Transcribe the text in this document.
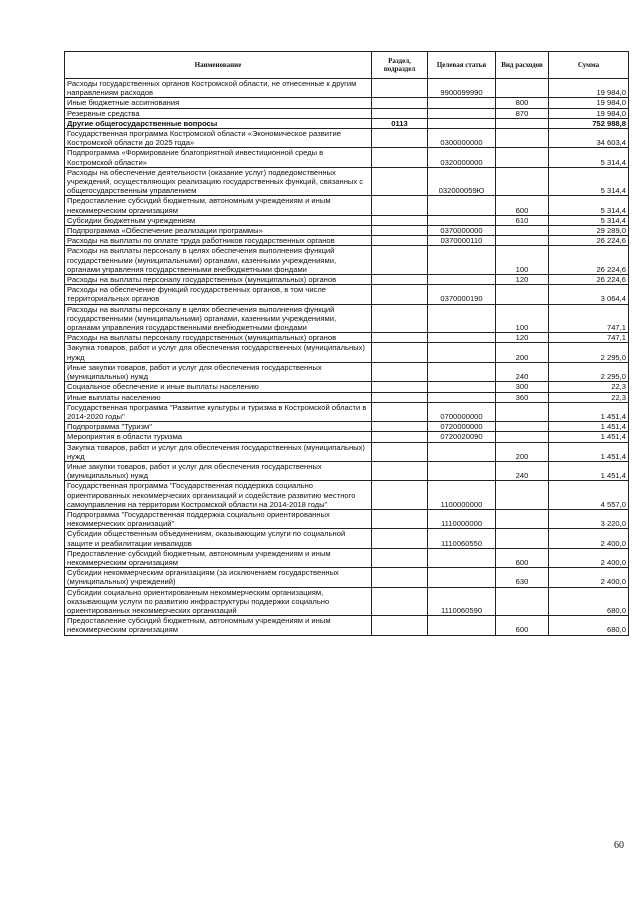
Наименование	Раздел, подраздел	Целевая статья	Вид расходов	Сумма
Расходы государственных органов Костромской области, не отнесенные к другим направлениям расходов		9900099990		19 984,0
Иные бюджетные ассигнования			800	19 984,0
Резервные средства			870	19 984,0
Другие общегосударственные вопросы	0113			752 988,8
Государственная программа Костромской области «Экономическое развитие Костромской области до 2025 года»		0300000000		34 603,4
Подпрограмма «Формирование благоприятной инвестиционной среды в Костромской области»		0320000000		5 314,4
Расходы на обеспечение деятельности (оказание услуг) подведомственных учреждений, осуществляющих реализацию государственных функций, связанных с общегосударственным управлением		032000059Ю		5 314,4
Предоставление субсидий бюджетным, автономным учреждениям и иным некоммерческим организациям			600	5 314,4
Субсидии бюджетным учреждениям			610	5 314,4
Подпрограмма «Обеспечение реализации программы»		0370000000		29 289,0
Расходы на выплаты по оплате труда работников государственных органов		0370000110		26 224,6
Расходы на выплаты персоналу в целях обеспечения выполнения функций государственными (муниципальными) органами, казенными учреждениями, органами управления государственными внебюджетными фондами			100	26 224,6
Расходы на выплаты персоналу государственных (муниципальных) органов			120	26 224,6
Расходы на обеспечение функций государственных органов, в том числе территориальных органов		0370000190		3 064,4
Расходы на выплаты персоналу в целях обеспечения выполнения функций государственными (муниципальными) органами, казенными учреждениями, органами управления государственными внебюджетными фондами			100	747,1
Расходы на выплаты персоналу государственных (муниципальных) органов			120	747,1
Закупка товаров, работ и услуг для обеспечения государственных (муниципальных) нужд			200	2 295,0
Иные закупки товаров, работ и услуг для обеспечения государственных (муниципальных) нужд			240	2 295,0
Социальное обеспечение и иные выплаты населению			300	22,3
Иные выплаты населению			360	22,3
Государственная программа "Развитие культуры и туризма в Костромской области в 2014-2020 годы"		0700000000		1 451,4
Подпрограмма "Туризм"		0720000000		1 451,4
Мероприятия в области туризма		0720020090		1 451,4
Закупка товаров, работ и услуг для обеспечения государственных (муниципальных) нужд			200	1 451,4
Иные закупки товаров, работ и услуг для обеспечения государственных (муниципальных) нужд			240	1 451,4
Государственная программа "Государственная поддержка социально ориентированных некоммерческих организаций и содействие развитию местного самоуправления на территории Костромской области на 2014-2018 годы"		1100000000		4 557,0
Подпрограмма "Государственная поддержка социально ориентированных некоммерческих организаций"		1110000000		3 220,0
Субсидии общественным объединениям, оказывающим услуги по социальной защите и реабилитации инвалидов		1110060550		2 400,0
Предоставление субсидий бюджетным, автономным учреждениям и иным некоммерческим организациям			600	2 400,0
Субсидии некоммерческим организациям (за исключением государственных (муниципальных) учреждений)			630	2 400,0
Субсидии социально ориентированным некоммерческим организациям, оказывающим услуги по развитию инфраструктуры поддержки социально ориентированных некоммерческих организаций		1110060590		680,0
Предоставление субсидий бюджетным, автономным учреждениям и иным некоммерческим организациям			600	680,0
60
